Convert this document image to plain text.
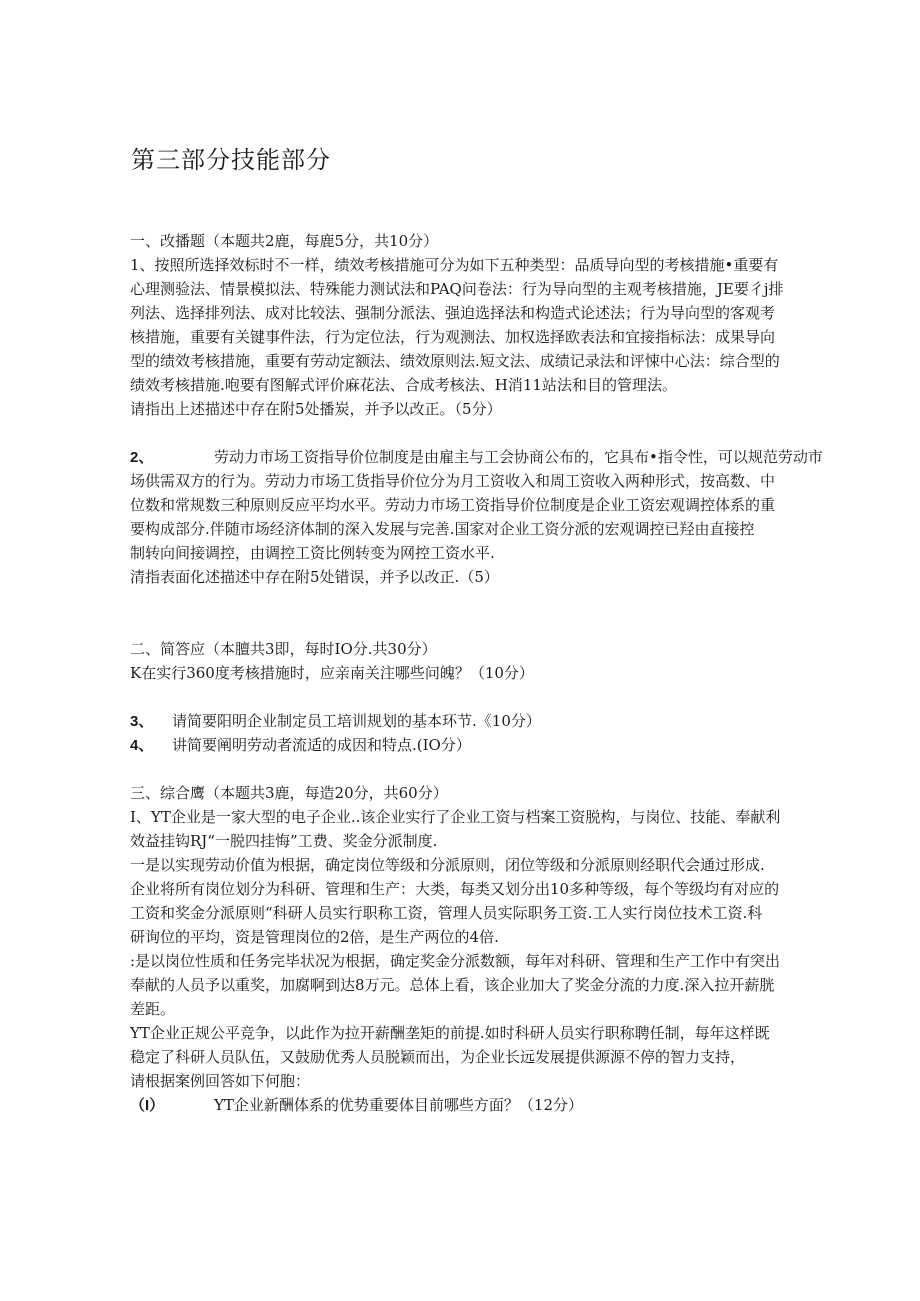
第三部分技能部分
一、改播题（本题共2鹿，每鹿5分，共10分）
1、按照所选择效标时不一样，绩效考核措施可分为如下五种类型：品质导向型的考核措施•重要有
心理测验法、情景模拟法、特殊能力测试法和PAQ问卷法：行为导向型的主观考核措施，JE要彳j排
列法、选择排列法、成对比较法、强制分派法、强迫选择法和构造式论述法；行为导向型的客观考
核措施，重要有关键事件法，行为定位法，行为观测法、加权选择欧表法和宜接指标法：成果导向
型的绩效考核措施，重要有劳动定额法、绩效原则法.短文法、成绩记录法和评悚中心法：综合型的
绩效考核措施.咆要有图解式评价麻花法、合成考核法、H消11站法和目的管理法。
请指出上述描述中存在附5处播炭，并予以改正。（5分）
2、	劳动力市场工资指导价位制度是由雇主与工会协商公布的，它具布•指令性，可以规范劳动市
场供需双方的行为。劳动力市场工货指导价位分为月工资收入和周工资收入两种形式，按高数、中
位数和常规数三种原则反应平均水平。劳动力市场工资指导价位制度是企业工资宏观调控体系的重
要构成部分.伴随市场经济体制的深入发展与完善.国家对企业工资分派的宏观调控已羟由直接控
制转向间接调控，由调控工资比例转变为网控工资水平.
清指表面化述描述中存在附5处错误，并予以改正.（5）
二、简答应（本膻共3即，每时IO分.共30分）
K在实行360度考核措施时，应亲南关注哪些问魄？（10分）
3、 请简要阳明企业制定员工培训规划的基本环节.《10分）
4、 讲简要阐明劳动者流适的成因和特点.(IO分）
三、综合鹰（本题共3鹿，每造20分，共60分）
I、YT企业是一家大型的电子企业..该企业实行了企业工资与档案工资脱构，与岗位、技能、奉献利
效益挂钩RJ“一脱四挂悔”工费、奖金分派制度.
一是以实现劳动价值为根据，确定岗位等级和分派原则，闭位等级和分派原则经职代会通过形成.
企业将所有岗位划分为科研、管理和生产：大类，每类又划分出10多种等级，每个等级均有对应的
工资和奖金分派原则“科研人员实行职称工资，管理人员实际职务工资.工人实行岗位技术工资.科
研询位的平均，资是管理岗位的2倍，是生产两位的4倍.
:是以岗位性质和任务完毕状况为根据，确定奖金分派数额，每年对科研、管理和生产工作中有突出
奉献的人员予以重奖，加腐啊到达8万元。总体上看，该企业加大了奖金分流的力度.深入拉开薪胱
差距。
YT企业正规公平竞争，以此作为拉开薪酬垄矩的前提.如时科研人员实行职称聘任制，每年这样既
稳定了科研人员队伍，又鼓励优秀人员脱颖而出，为企业长远发展提供源源不停的智力支持，
请根据案例回答如下何胞：
（I）	YT企业新酬体系的优势重要体目前哪些方面？（12分）
